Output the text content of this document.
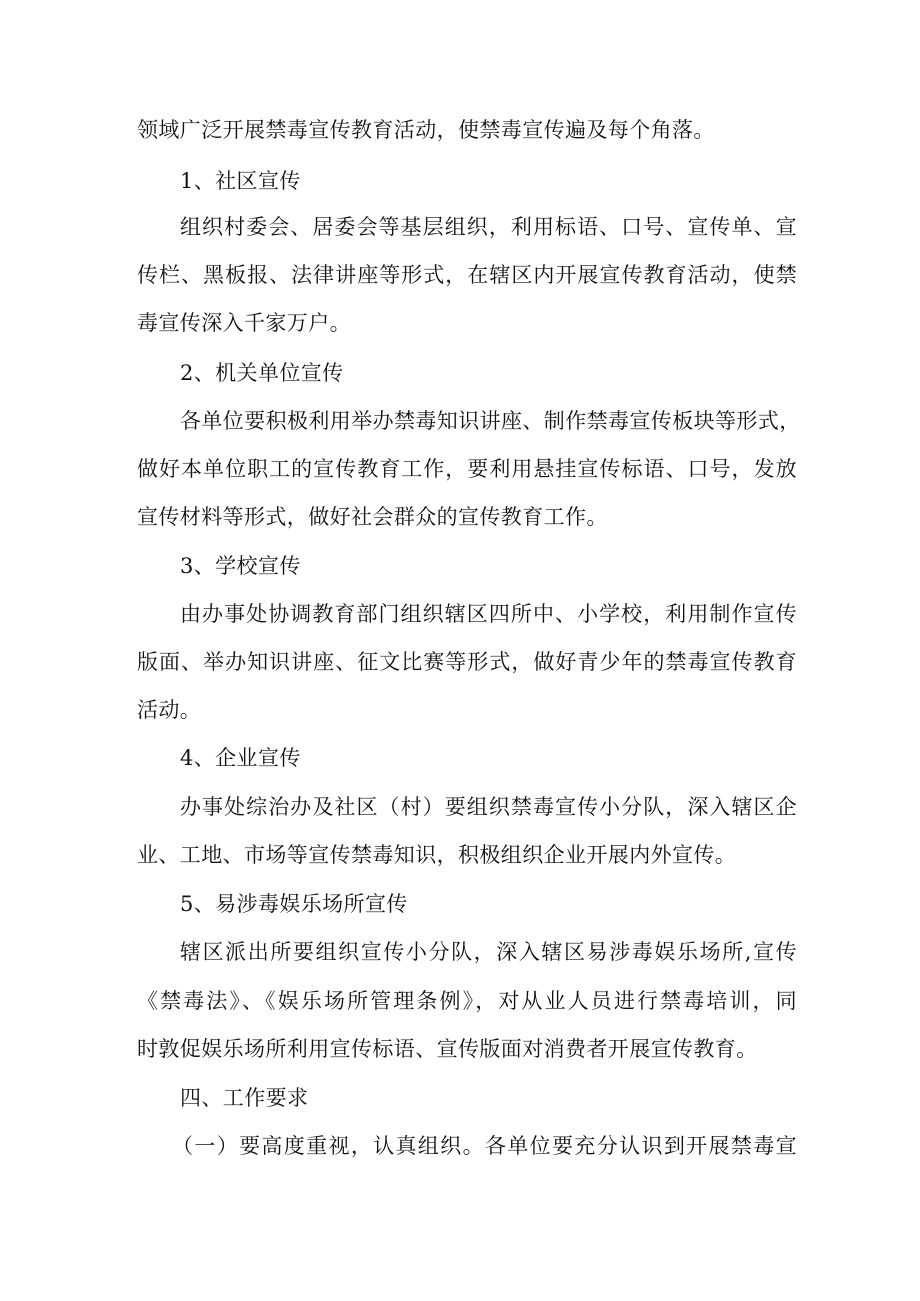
领域广泛开展禁毒宣传教育活动，使禁毒宣传遍及每个角落。
1、社区宣传
组织村委会、居委会等基层组织，利用标语、口号、宣传单、宣
传栏、黑板报、法律讲座等形式，在辖区内开展宣传教育活动，使禁
毒宣传深入千家万户。
2、机关单位宣传
各单位要积极利用举办禁毒知识讲座、制作禁毒宣传板块等形式，
做好本单位职工的宣传教育工作，要利用悬挂宣传标语、口号，发放
宣传材料等形式，做好社会群众的宣传教育工作。
3、学校宣传
由办事处协调教育部门组织辖区四所中、小学校，利用制作宣传
版面、举办知识讲座、征文比赛等形式，做好青少年的禁毒宣传教育
活动。
4、企业宣传
办事处综治办及社区（村）要组织禁毒宣传小分队，深入辖区企
业、工地、市场等宣传禁毒知识，积极组织企业开展内外宣传。
5、易涉毒娱乐场所宣传
辖区派出所要组织宣传小分队，深入辖区易涉毒娱乐场所,宣传
《禁毒法》、《娱乐场所管理条例》，对从业人员进行禁毒培训，同
时敦促娱乐场所利用宣传标语、宣传版面对消费者开展宣传教育。
四、工作要求
（一）要高度重视，认真组织。各单位要充分认识到开展禁毒宣
